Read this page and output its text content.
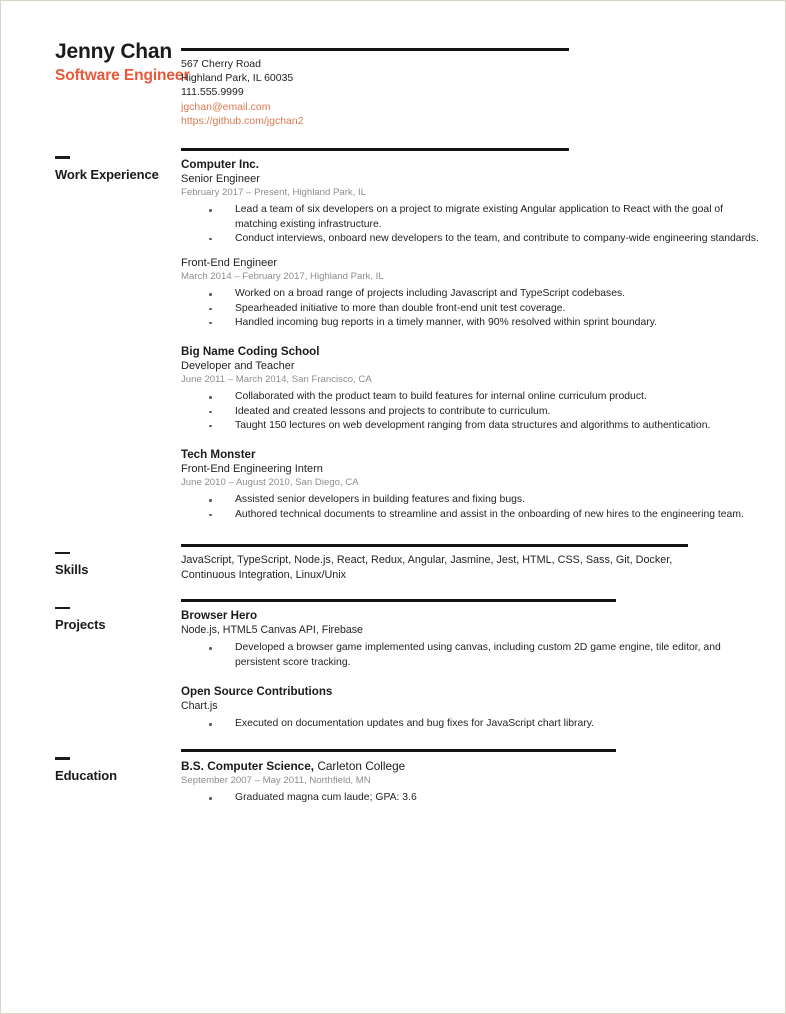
Jenny Chan
Software Engineer
567 Cherry Road
Highland Park, IL 60035
111.555.9999
jgchan@email.com
https://github.com/jgchan2
Work Experience
Computer Inc.
Senior Engineer
February 2017 – Present, Highland Park, IL
Lead a team of six developers on a project to migrate existing Angular application to React with the goal of matching existing infrastructure.
Conduct interviews, onboard new developers to the team, and contribute to company-wide engineering standards.
Front-End Engineer
March 2014 – February 2017, Highland Park, IL
Worked on a broad range of projects including Javascript and TypeScript codebases.
Spearheaded initiative to more than double front-end unit test coverage.
Handled incoming bug reports in a timely manner, with 90% resolved within sprint boundary.
Big Name Coding School
Developer and Teacher
June 2011 – March 2014, San Francisco, CA
Collaborated with the product team to build features for internal online curriculum product.
Ideated and created lessons and projects to contribute to curriculum.
Taught 150 lectures on web development ranging from data structures and algorithms to authentication.
Tech Monster
Front-End Engineering Intern
June 2010 – August 2010, San Diego, CA
Assisted senior developers in building features and fixing bugs.
Authored technical documents to streamline and assist in the onboarding of new hires to the engineering team.
Skills
JavaScript, TypeScript, Node.js, React, Redux, Angular, Jasmine, Jest, HTML, CSS, Sass, Git, Docker, Continuous Integration, Linux/Unix
Projects
Browser Hero
Node.js, HTML5 Canvas API, Firebase
Developed a browser game implemented using canvas, including custom 2D game engine, tile editor, and persistent score tracking.
Open Source Contributions
Chart.js
Executed on documentation updates and bug fixes for JavaScript chart library.
Education
B.S. Computer Science, Carleton College
September 2007 – May 2011, Northfield, MN
Graduated magna cum laude; GPA: 3.6
